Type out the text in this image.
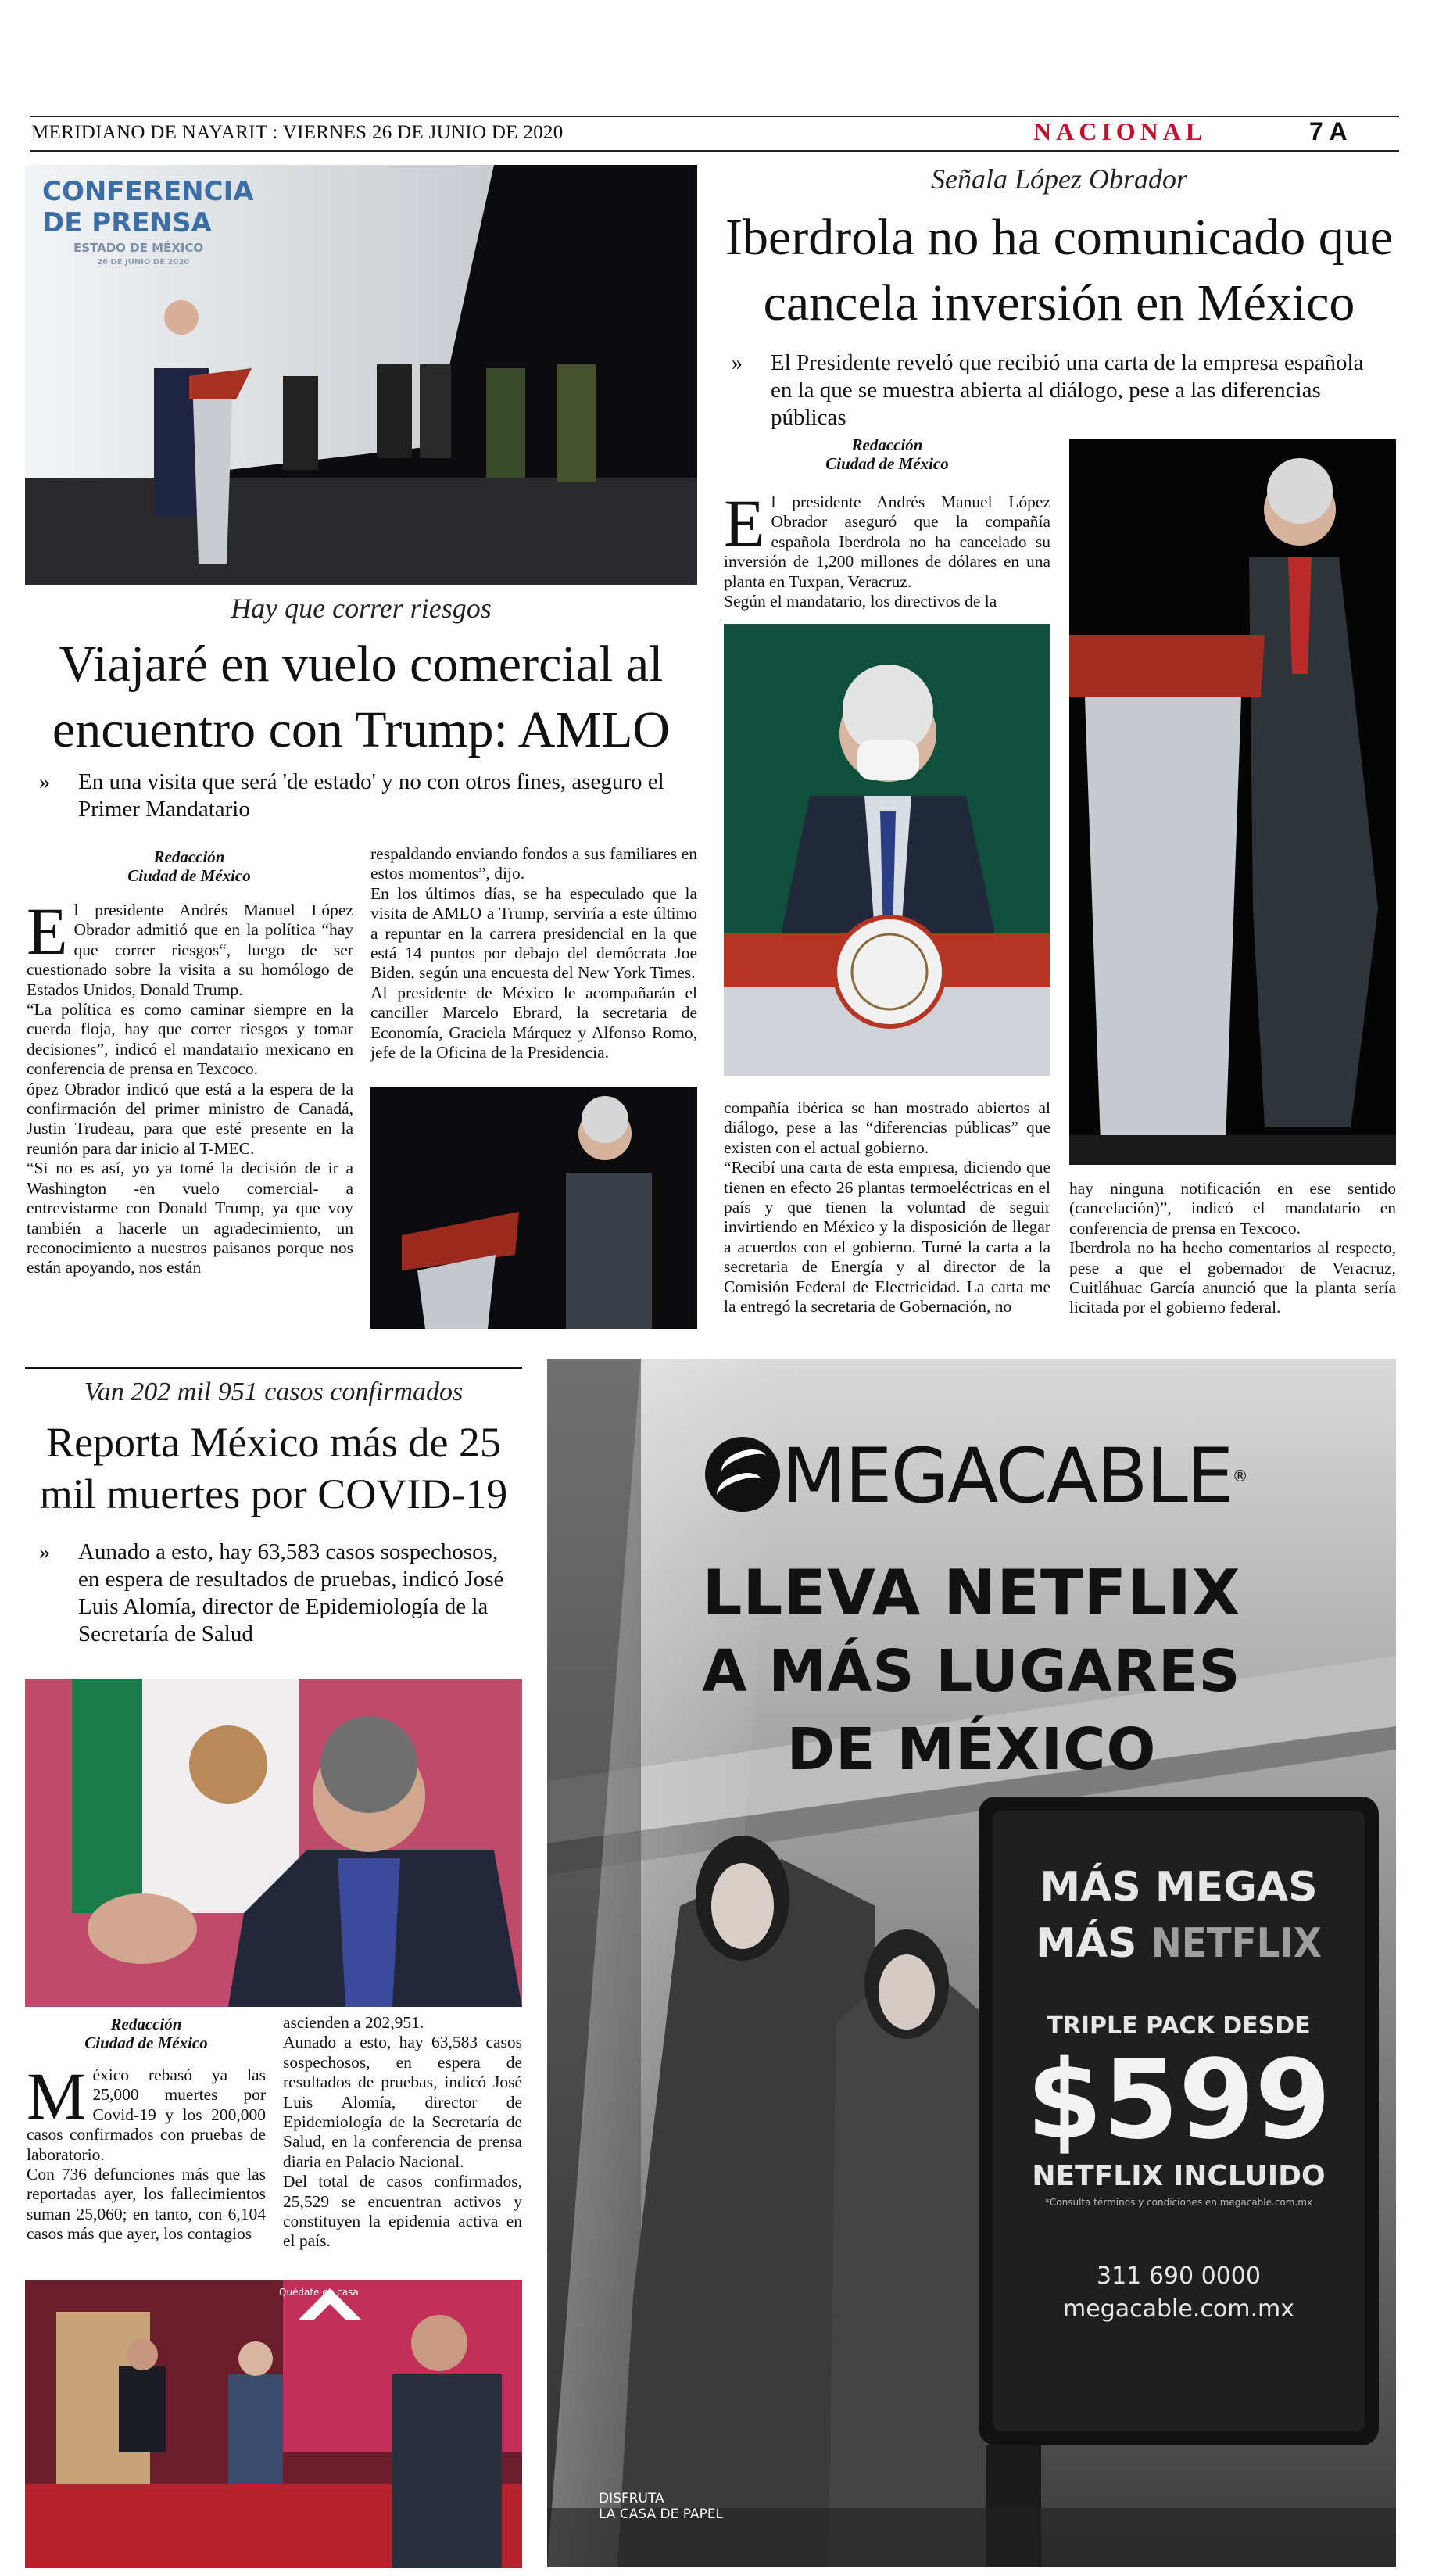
MERIDIANO DE NAYARIT : VIERNES 26 DE JUNIO DE 2020	NACIONAL	7 A
CONFERENCIA
DE PRENSA
ESTADO DE MÉXICO
26 DE JUNIO DE 2020
Hay que correr riesgos
Viajaré en vuelo comercial al
encuentro con Trump: AMLO
» En una visita que será 'de estado' y no con otros fines, aseguro el Primer Mandatario
Redacción
Ciudad de México

El presidente Andrés Manuel López Obrador admitió que en la política “hay que correr riesgos“, luego de ser cuestionado sobre la visita a su homólogo de Estados Unidos, Donald Trump.

“La política es como caminar siempre en la cuerda floja, hay que correr riesgos y tomar decisiones”, indicó el mandatario mexicano en conferencia de prensa en Texcoco.

ópez Obrador indicó que está a la espera de la confirmación del primer ministro de Canadá, Justin Trudeau, para que esté presente en la reunión para dar inicio al T-MEC.

“Si no es así, yo ya tomé la decisión de ir a Washington -en vuelo comercial- a entrevistarme con Donald Trump, ya que voy también a hacerle un agradecimiento, un reconocimiento a nuestros paisanos porque nos están apoyando, nos están

respaldando enviando fondos a sus familiares en estos momentos”, dijo.

En los últimos días, se ha especulado que la visita de AMLO a Trump, serviría a este último a repuntar en la carrera presidencial en la que está 14 puntos por debajo del demócrata Joe Biden, según una encuesta del New York Times.

Al presidente de México le acompañarán el canciller Marcelo Ebrard, la secretaria de Economía, Graciela Márquez y Alfonso Romo, jefe de la Oficina de la Presidencia.

Señala López Obrador
Iberdrola no ha comunicado que
cancela inversión en México
» El Presidente reveló que recibió una carta de la empresa española en la que se muestra abierta al diálogo, pese a las diferencias públicas
Redacción
Ciudad de México

El presidente Andrés Manuel López Obrador aseguró que la compañía española Iberdrola no ha cancelado su inversión de 1,200 millones de dólares en una planta en Tuxpan, Veracruz.

Según el mandatario, los directivos de la

compañía ibérica se han mostrado abiertos al diálogo, pese a las “diferencias públicas” que existen con el actual gobierno.

“Recibí una carta de esta empresa, diciendo que tienen en efecto 26 plantas termoeléctricas en el país y que tienen la voluntad de seguir invirtiendo en México y la disposición de llegar a acuerdos con el gobierno. Turné la carta a la secretaria de Energía y al director de la Comisión Federal de Electricidad. La carta me la entregó la secretaria de Gobernación, no

hay ninguna notificación en ese sentido (cancelación)”, indicó el mandatario en conferencia de prensa en Texcoco.

Iberdrola no ha hecho comentarios al respecto, pese a que el gobernador de Veracruz, Cuitláhuac García anunció que la planta sería licitada por el gobierno federal.

Van 202 mil 951 casos confirmados
Reporta México más de 25
mil muertes por COVID-19
» Aunado a esto, hay 63,583 casos sospechosos, en espera de resultados de pruebas, indicó José Luis Alomía, director de Epidemiología de la Secretaría de Salud
Redacción
Ciudad de México

México rebasó ya las 25,000 muertes por Covid-19 y los 200,000 casos confirmados con pruebas de laboratorio.

Con 736 defunciones más que las reportadas ayer, los fallecimientos suman 25,060; en tanto, con 6,104 casos más que ayer, los contagios

ascienden a 202,951.

Aunado a esto, hay 63,583 casos sospechosos, en espera de resultados de pruebas, indicó José Luis Alomía, director de Epidemiología de la Secretaría de Salud, en la conferencia de prensa diaria en Palacio Nacional.

Del total de casos confirmados, 25,529 se encuentran activos y constituyen la epidemia activa en el país.

Quédate en casa
MEGACABLE®
LLEVA NETFLIX
A MÁS LUGARES
DE MÉXICO
MÁS MEGAS
MÁS NETFLIX
TRIPLE PACK DESDE
$599
NETFLIX INCLUIDO
*Consulta términos y condiciones en megacable.com.mx
311 690 0000
megacable.com.mx
DISFRUTA
LA CASA DE PAPEL
